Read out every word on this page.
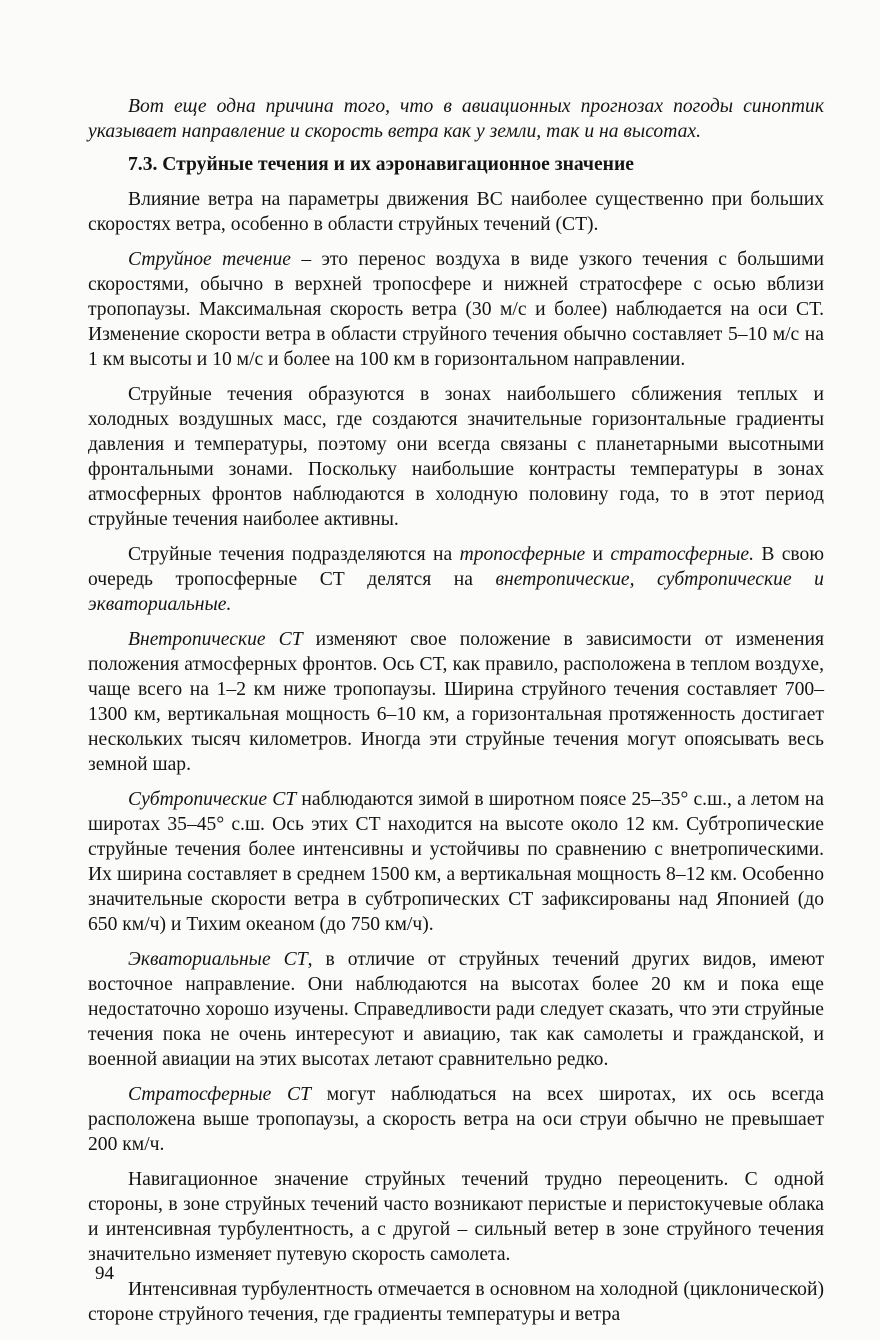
Вот еще одна причина того, что в авиационных прогнозах погоды синоптик указывает направление и скорость ветра как у земли, так и на высотах.

7.3. Струйные течения и их аэронавигационное значение

Влияние ветра на параметры движения ВС наиболее существенно при больших скоростях ветра, особенно в области струйных течений (СТ).

Струйное течение – это перенос воздуха в виде узкого течения с большими скоростями, обычно в верхней тропосфере и нижней стратосфере с осью вблизи тропопаузы. Максимальная скорость ветра (30 м/с и более) наблюдается на оси СТ. Изменение скорости ветра в области струйного течения обычно составляет 5–10 м/с на 1 км высоты и 10 м/с и более на 100 км в горизонтальном направлении.

Струйные течения образуются в зонах наибольшего сближения теплых и холодных воздушных масс, где создаются значительные горизонтальные градиенты давления и температуры, поэтому они всегда связаны с планетарными высотными фронтальными зонами. Поскольку наибольшие контрасты температуры в зонах атмосферных фронтов наблюдаются в холодную половину года, то в этот период струйные течения наиболее активны.

Струйные течения подразделяются на тропосферные и стратосферные. В свою очередь тропосферные СТ делятся на внетропические, субтропические и экваториальные.

Внетропические СТ изменяют свое положение в зависимости от изменения положения атмосферных фронтов. Ось СТ, как правило, расположена в теплом воздухе, чаще всего на 1–2 км ниже тропопаузы. Ширина струйного течения составляет 700–1300 км, вертикальная мощность 6–10 км, а горизонтальная протяженность достигает нескольких тысяч километров. Иногда эти струйные течения могут опоясывать весь земной шар.

Субтропические СТ наблюдаются зимой в широтном поясе 25–35° с.ш., а летом на широтах 35–45° с.ш. Ось этих СТ находится на высоте около 12 км. Субтропические струйные течения более интенсивны и устойчивы по сравнению с внетропическими. Их ширина составляет в среднем 1500 км, а вертикальная мощность 8–12 км. Особенно значительные скорости ветра в субтропических СТ зафиксированы над Японией (до 650 км/ч) и Тихим океаном (до 750 км/ч).

Экваториальные СТ, в отличие от струйных течений других видов, имеют восточное направление. Они наблюдаются на высотах более 20 км и пока еще недостаточно хорошо изучены. Справедливости ради следует сказать, что эти струйные течения пока не очень интересуют и авиацию, так как самолеты и гражданской, и военной авиации на этих высотах летают сравнительно редко.

Стратосферные СТ могут наблюдаться на всех широтах, их ось всегда расположена выше тропопаузы, а скорость ветра на оси струи обычно не превышает 200 км/ч.

Навигационное значение струйных течений трудно переоценить. С одной стороны, в зоне струйных течений часто возникают перистые и перистокучевые облака и интенсивная турбулентность, а с другой – сильный ветер в зоне струйного течения значительно изменяет путевую скорость самолета.

Интенсивная турбулентность отмечается в основном на холодной (циклонической) стороне струйного течения, где градиенты температуры и ветра

94
